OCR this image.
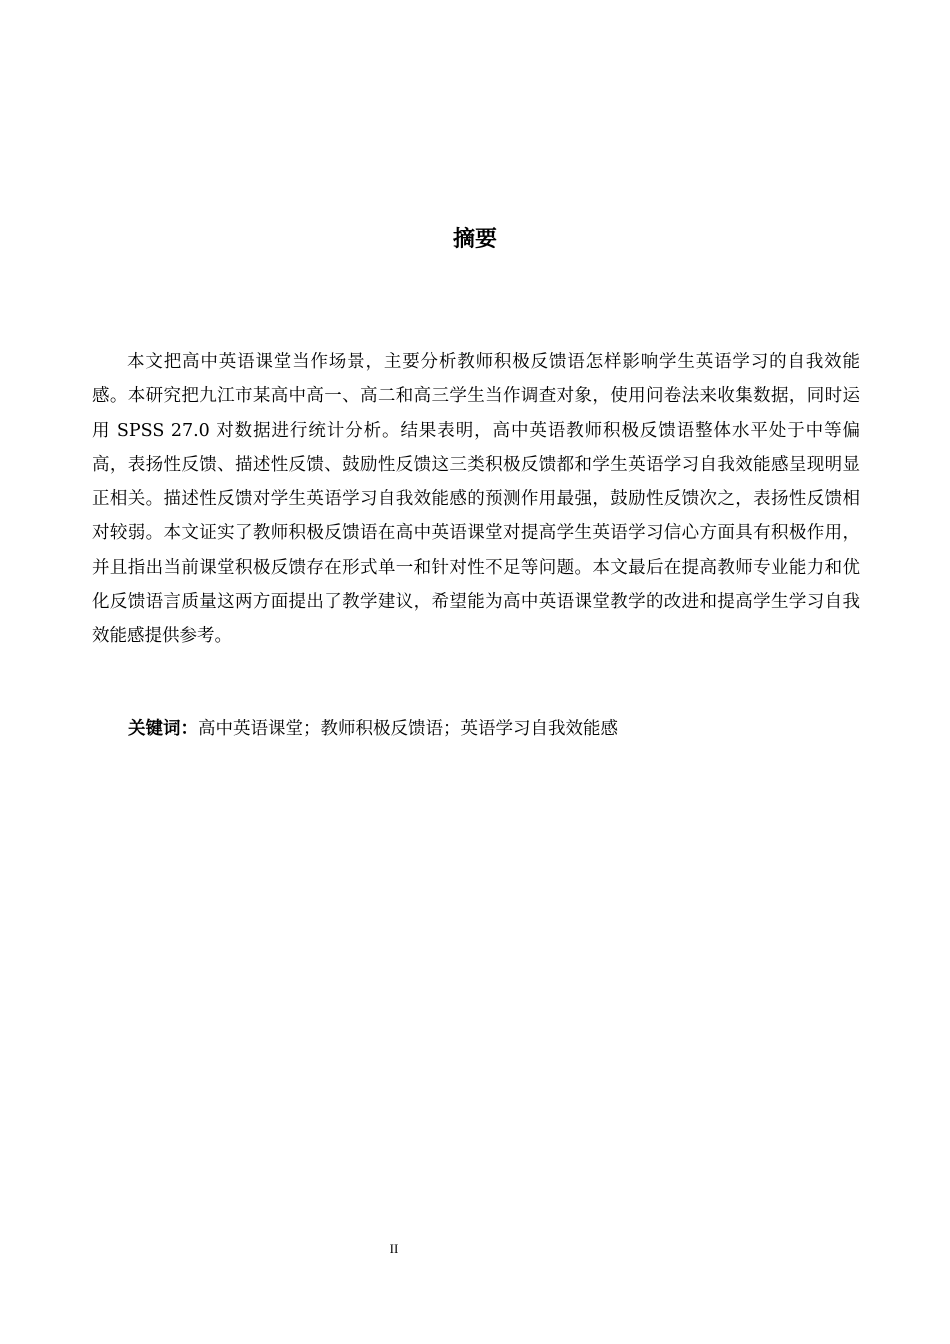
摘要

本文把高中英语课堂当作场景，主要分析教师积极反馈语怎样影响学生英语学习的自我效能感。本研究把九江市某高中高一、高二和高三学生当作调查对象，使用问卷法来收集数据，同时运用 SPSS 27.0 对数据进行统计分析。结果表明，高中英语教师积极反馈语整体水平处于中等偏高，表扬性反馈、描述性反馈、鼓励性反馈这三类积极反馈都和学生英语学习自我效能感呈现明显正相关。描述性反馈对学生英语学习自我效能感的预测作用最强，鼓励性反馈次之，表扬性反馈相对较弱。本文证实了教师积极反馈语在高中英语课堂对提高学生英语学习信心方面具有积极作用，并且指出当前课堂积极反馈存在形式单一和针对性不足等问题。本文最后在提高教师专业能力和优化反馈语言质量这两方面提出了教学建议，希望能为高中英语课堂教学的改进和提高学生学习自我效能感提供参考。

关键词：高中英语课堂；教师积极反馈语；英语学习自我效能感

II
